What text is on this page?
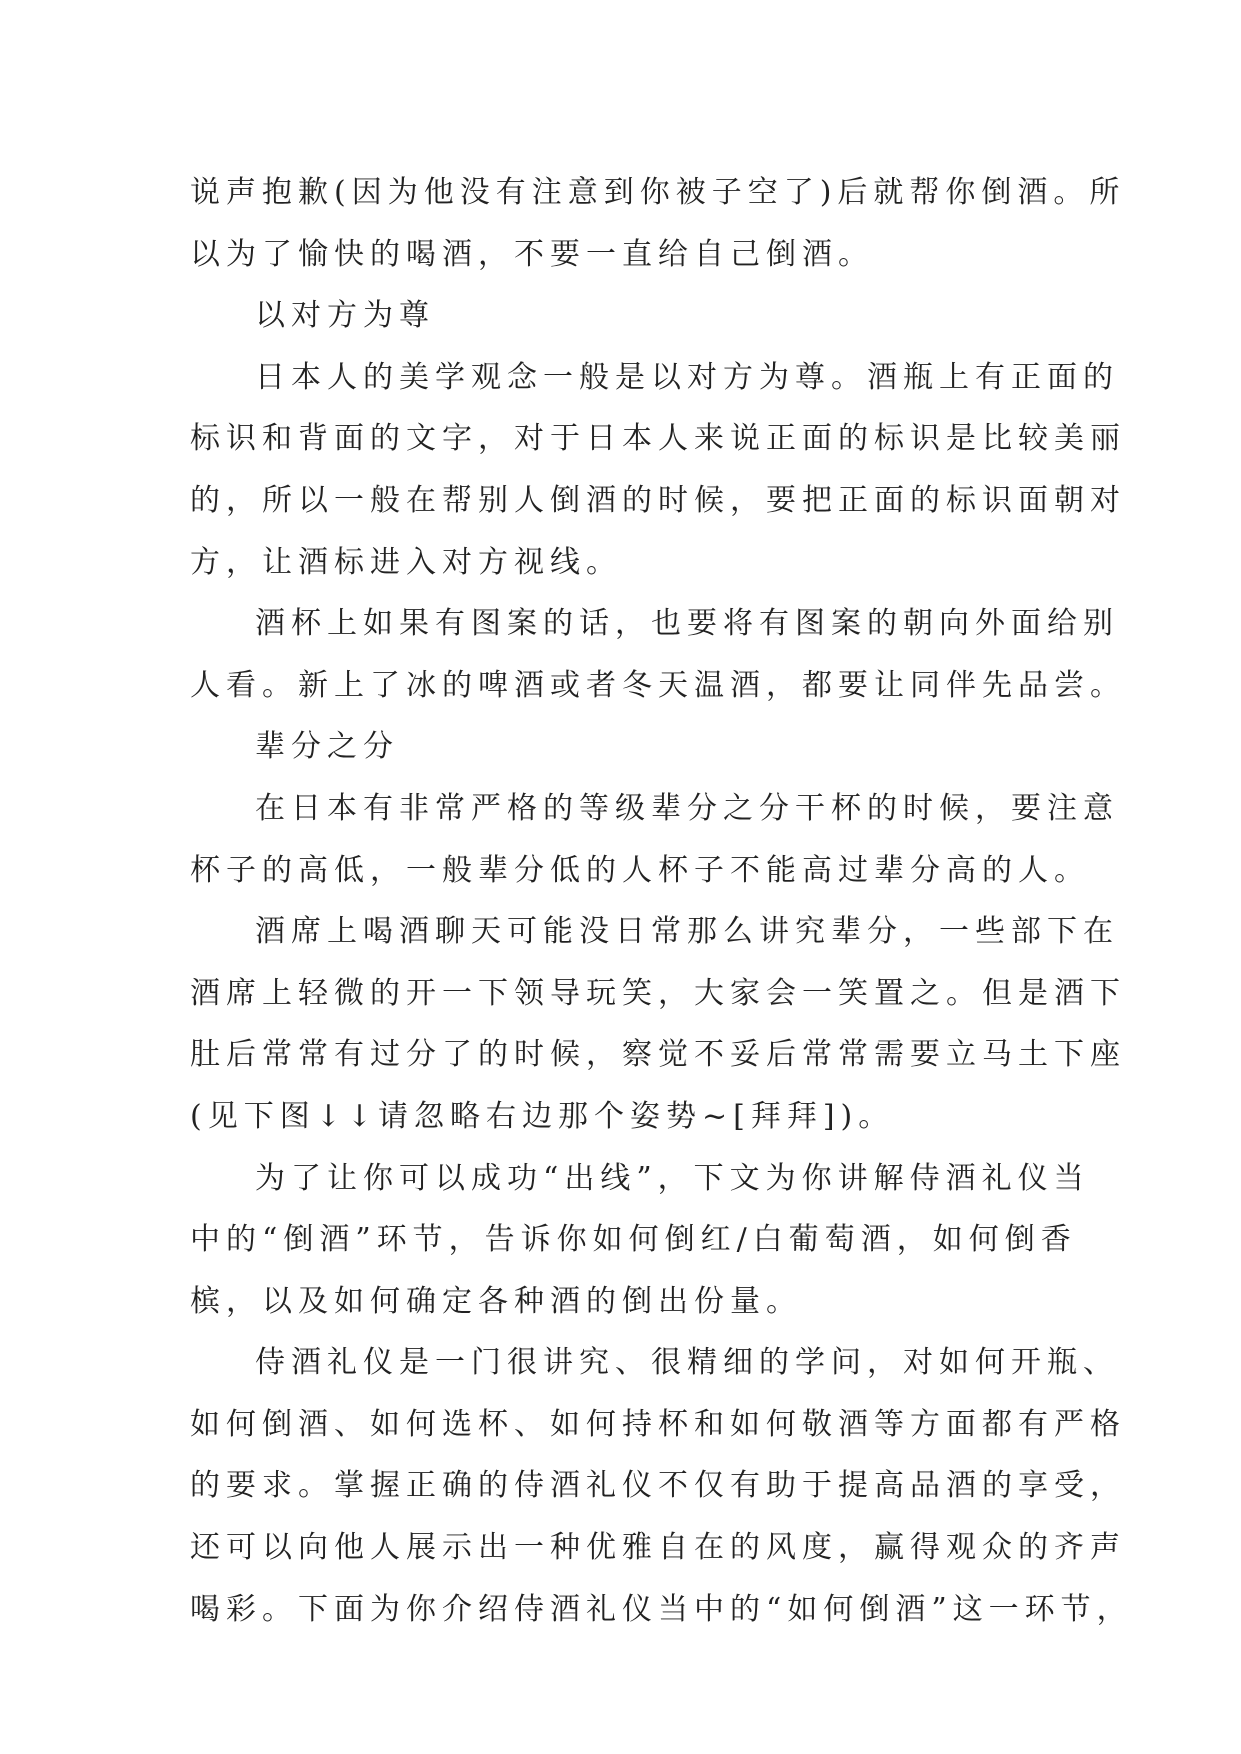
说声抱歉(因为他没有注意到你被子空了)后就帮你倒酒。所
以为了愉快的喝酒，不要一直给自己倒酒。
以对方为尊
日本人的美学观念一般是以对方为尊。酒瓶上有正面的
标识和背面的文字，对于日本人来说正面的标识是比较美丽
的，所以一般在帮别人倒酒的时候，要把正面的标识面朝对
方，让酒标进入对方视线。
酒杯上如果有图案的话，也要将有图案的朝向外面给别
人看。新上了冰的啤酒或者冬天温酒，都要让同伴先品尝。
辈分之分
在日本有非常严格的等级辈分之分干杯的时候，要注意
杯子的高低，一般辈分低的人杯子不能高过辈分高的人。
酒席上喝酒聊天可能没日常那么讲究辈分，一些部下在
酒席上轻微的开一下领导玩笑，大家会一笑置之。但是酒下
肚后常常有过分了的时候，察觉不妥后常常需要立马土下座
(见下图↓↓请忽略右边那个姿势~[拜拜])。
为了让你可以成功“出线”，下文为你讲解侍酒礼仪当
中的“倒酒”环节，告诉你如何倒红/白葡萄酒，如何倒香
槟，以及如何确定各种酒的倒出份量。
侍酒礼仪是一门很讲究、很精细的学问，对如何开瓶、
如何倒酒、如何选杯、如何持杯和如何敬酒等方面都有严格
的要求。掌握正确的侍酒礼仪不仅有助于提高品酒的享受，
还可以向他人展示出一种优雅自在的风度，赢得观众的齐声
喝彩。下面为你介绍侍酒礼仪当中的“如何倒酒”这一环节，
